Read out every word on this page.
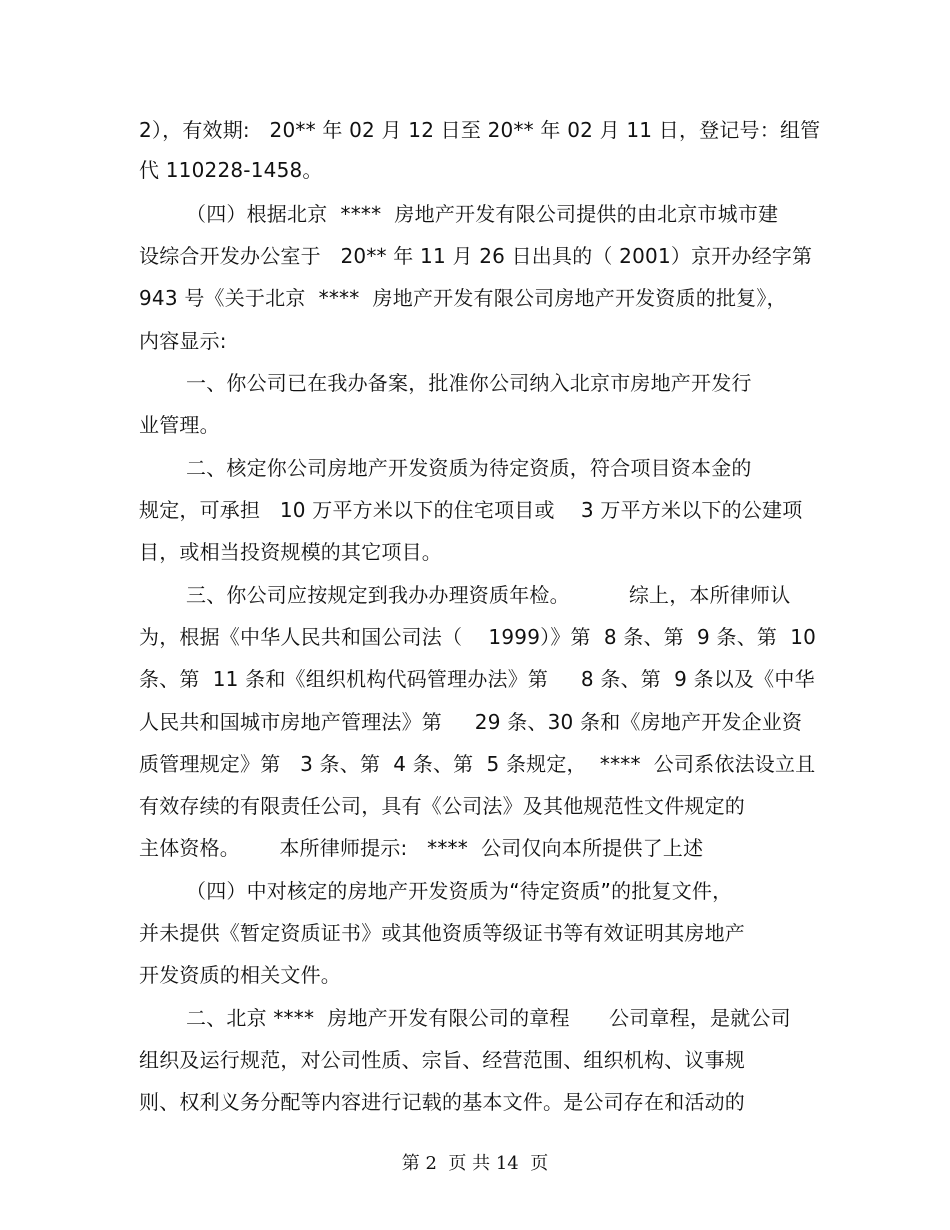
2），有效期:   20** 年 02 月 12 日至 20** 年 02 月 11 日，登记号：组管
代 110228-1458。
（四）根据北京  ****  房地产开发有限公司提供的由北京市城市建
设综合开发办公室于   20** 年 11 月 26 日出具的（ 2001）京开办经字第
943 号《关于北京  ****  房地产开发有限公司房地产开发资质的批复》，
内容显示:
一、你公司已在我办备案，批准你公司纳入北京市房地产开发行
业管理。
二、核定你公司房地产开发资质为待定资质，符合项目资本金的
规定，可承担   10 万平方米以下的住宅项目或    3 万平方米以下的公建项
目，或相当投资规模的其它项目。
三、你公司应按规定到我办办理资质年检。         综上，本所律师认
为，根据《中华人民共和国公司法（    1999）》第  8 条、第  9 条、第  10
条、第  11 条和《组织机构代码管理办法》第     8 条、第  9 条以及《中华
人民共和国城市房地产管理法》第     29 条、30 条和《房地产开发企业资
质管理规定》第   3 条、第  4 条、第  5 条规定，  ****  公司系依法设立且
有效存续的有限责任公司，具有《公司法》及其他规范性文件规定的
主体资格。      本所律师提示:   ****  公司仅向本所提供了上述
（四）中对核定的房地产开发资质为“待定资质”的批复文件，
并未提供《暂定资质证书》或其他资质等级证书等有效证明其房地产
开发资质的相关文件。
二、北京 ****  房地产开发有限公司的章程      公司章程，是就公司
组织及运行规范，对公司性质、宗旨、经营范围、组织机构、议事规
则、权利义务分配等内容进行记载的基本文件。是公司存在和活动的
第 2  页 共 14  页
